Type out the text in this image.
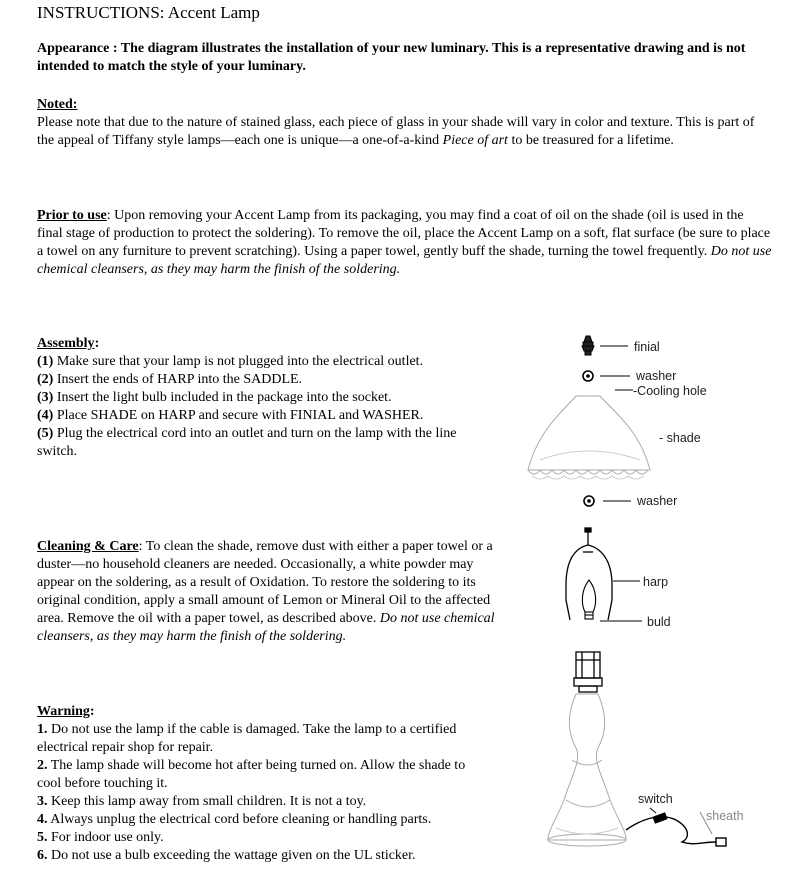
INSTRUCTIONS: Accent Lamp
Appearance : The diagram illustrates the installation of your new luminary. This is a representative drawing and is not intended to match the style of your luminary.
Noted:
Please note that due to the nature of stained glass, each piece of glass in your shade will vary in color and texture. This is part of the appeal of Tiffany style lamps—each one is unique—a one-of-a-kind Piece of art to be treasured for a lifetime.
Prior to use: Upon removing your Accent Lamp from its packaging, you may find a coat of oil on the shade (oil is used in the final stage of production to protect the soldering). To remove the oil, place the Accent Lamp on a soft, flat surface (be sure to place a towel on any furniture to prevent scratching). Using a paper towel, gently buff the shade, turning the towel frequently. Do not use chemical cleansers, as they may harm the finish of the soldering.
Assembly:
(1) Make sure that your lamp is not plugged into the electrical outlet.
(2) Insert the ends of HARP into the SADDLE.
(3) Insert the light bulb included in the package into the socket.
(4) Place SHADE on HARP and secure with FINIAL and WASHER.
(5) Plug the electrical cord into an outlet and turn on the lamp with the line switch.
Cleaning & Care: To clean the shade, remove dust with either a paper towel or a duster—no household cleaners are needed. Occasionally, a white powder may appear on the soldering, as a result of Oxidation. To restore the soldering to its original condition, apply a small amount of Lemon or Mineral Oil to the affected area. Remove the oil with a paper towel, as described above. Do not use chemical cleansers, as they may harm the finish of the soldering.
Warning:
1. Do not use the lamp if the cable is damaged. Take the lamp to a certified electrical repair shop for repair.
2. The lamp shade will become hot after being turned on. Allow the shade to cool before touching it.
3. Keep this lamp away from small children. It is not a toy.
4. Always unplug the electrical cord before cleaning or handling parts.
5. For indoor use only.
6. Do not use a bulb exceeding the wattage given on the UL sticker.
finial
washer
-Cooling hole
- shade
washer
harp
buld
switch
sheath
